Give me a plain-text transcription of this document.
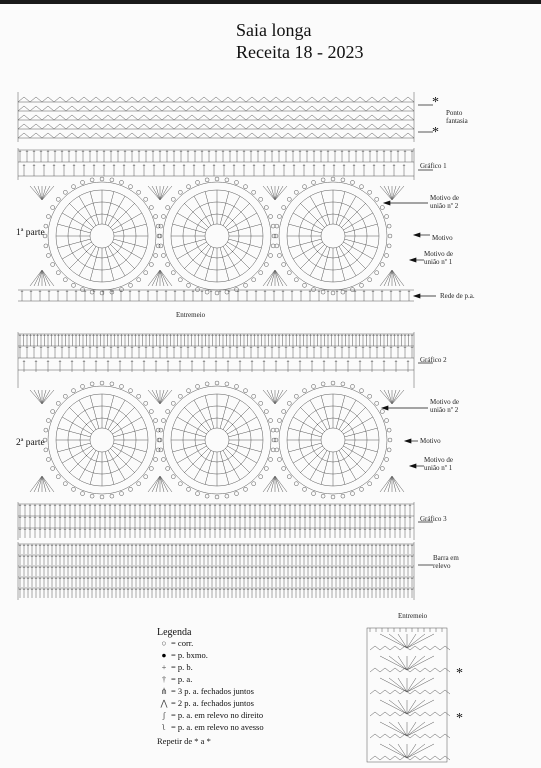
Saia longa
Receita 18 - 2023
*
Ponto fantasia
*
Gráfico 1
Motivo de união nº 2
Motivo
Motivo de união nº 1
Rede de p.a.
1ª parte
Entremeio
Gráfico 2
Motivo de união nº 2
Motivo
Motivo de união nº 1
2ª parte
Gráfico 3
Barra em relevo
Entremeio
*
*
Legenda
○ = corr.
● = p. bxmo.
+ = p. b.
† = p. a.
⋔ = 3 p. a. fechados juntos
⋀ = 2 p. a. fechados juntos
ʃ = p. a. em relevo no direito
ʅ = p. a. em relevo no avesso
Repetir de * a *
